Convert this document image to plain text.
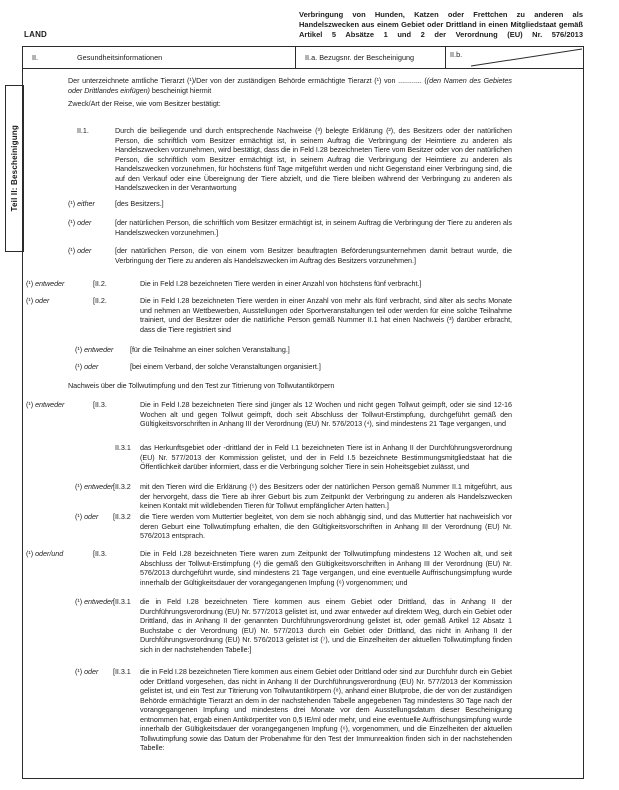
LAND
Verbringung von Hunden, Katzen oder Frettchen zu anderen als Handelszwecken aus einem Gebiet oder Drittland in einen Mitgliedstaat gemäß Artikel 5 Absätze 1 und 2 der Verordnung (EU) Nr. 576/2013
Teil II: Bescheinigung
II.	Gesundheitsinformationen	II.a. Bezugsnr. der Bescheinigung	II.b.
Der unterzeichnete amtliche Tierarzt (¹)/Der von der zuständigen Behörde ermächtigte Tierarzt (¹) von ............ ((den Namen des Gebietes oder Drittlandes einfügen) bescheinigt hiermit
Zweck/Art der Reise, wie vom Besitzer bestätigt:
II.1.	Durch die beiliegende und durch entsprechende Nachweise (³) belegte Erklärung (²), des Besitzers oder der natürlichen Person, die schriftlich vom Besitzer ermächtigt ist, in seinem Auftrag die Verbringung der Heimtiere zu anderen als Handelszwecken vorzunehmen, wird bestätigt, dass die in Feld I.28 bezeichneten Tiere vom Besitzer oder von der natürlichen Person, die schriftlich vom Besitzer ermächtigt ist, in seinem Auftrag die Verbringung der Heimtiere zu anderen als Handelszwecken vorzunehmen, für höchstens fünf Tage mitgeführt werden und nicht Gegenstand einer Verbringung sind, die auf den Verkauf oder eine Übereignung der Tiere abzielt, und die Tiere bleiben während der Verbringung zu anderen als Handelszwecken in der Verantwortung
(¹) either	[des Besitzers.]
(¹) oder	[der natürlichen Person, die schriftlich vom Besitzer ermächtigt ist, in seinem Auftrag die Verbringung der Tiere zu anderen als Handelszwecken vorzunehmen.]
(¹) oder	[der natürlichen Person, die von einem vom Besitzer beauftragten Beförderungsunternehmen damit betraut wurde, die Verbringung der Tiere zu anderen als Handelszwecken im Auftrag des Besitzers vorzunehmen.]
(¹) entweder	[II.2.	Die in Feld I.28 bezeichneten Tiere werden in einer Anzahl von höchstens fünf verbracht.]
(¹) oder	[II.2.	Die in Feld I.28 bezeichneten Tiere werden in einer Anzahl von mehr als fünf verbracht, sind älter als sechs Monate und nehmen an Wettbewerben, Ausstellungen oder Sportveranstaltungen teil oder werden für eine solche Teilnahme trainiert, und der Besitzer oder die natürliche Person gemäß Nummer II.1 hat einen Nachweis (³) darüber erbracht, dass die Tiere registriert sind
(¹) entweder [für die Teilnahme an einer solchen Veranstaltung.]
(¹) oder	[bei einem Verband, der solche Veranstaltungen organisiert.]
Nachweis über die Tollwutimpfung und den Test zur Titrierung von Tollwutantikörpern
(¹) entweder	[II.3.	Die in Feld I.28 bezeichneten Tiere sind jünger als 12 Wochen und nicht gegen Tollwut geimpft, oder sie sind 12-16 Wochen alt und gegen Tollwut geimpft, doch seit Abschluss der Tollwut-Erstimpfung, durchgeführt gemäß den Gültigkeitsvorschriften in Anhang III der Verordnung (EU) Nr. 576/2013 (⁴), sind mindestens 21 Tage vergangen, und
II.3.1 das Herkunftsgebiet oder -drittland der in Feld I.1 bezeichneten Tiere ist in Anhang II der Durchführungsverordnung (EU) Nr. 577/2013 der Kommission gelistet, und der in Feld I.5 bezeichnete Bestimmungsmitgliedstaat hat die Öffentlichkeit darüber informiert, dass er die Verbringung solcher Tiere in sein Hoheitsgebiet zulässt, und
(¹) entweder [II.3.2 mit den Tieren wird die Erklärung (⁵) des Besitzers oder der natürlichen Person gemäß Nummer II.1 mitgeführt, aus der hervorgeht, dass die Tiere ab ihrer Geburt bis zum Zeitpunkt der Verbringung zu anderen als Handelszwecken keinen Kontakt mit wildlebenden Tieren für Tollwut empfänglicher Arten hatten.]
(¹) oder [II.3.2 die Tiere werden vom Muttertier begleitet, von dem sie noch abhängig sind, und das Muttertier hat nachweislich vor deren Geburt eine Tollwutimpfung erhalten, die den Gültigkeitsvorschriften in Anhang III der Verordnung (EU) Nr. 576/2013 entsprach.
(¹) oder/und	[II.3.	Die in Feld I.28 bezeichneten Tiere waren zum Zeitpunkt der Tollwutimpfung mindestens 12 Wochen alt, und seit Abschluss der Tollwut-Erstimpfung (⁴) die gemäß den Gültigkeitsvorschriften in Anhang III der Verordnung (EU) Nr. 576/2013 durchgeführt wurde, sind mindestens 21 Tage vergangen, und eine eventuelle Auffrischungsimpfung wurde innerhalb der Gültigkeitsdauer der vorangegangenen Impfung (⁶) vorgenommen; und
(¹) entweder [II.3.1 die in Feld I.28 bezeichneten Tiere kommen aus einem Gebiet oder Drittland, das in Anhang II der Durchführungsverordnung (EU) Nr. 577/2013 gelistet ist, und zwar entweder auf direktem Weg, durch ein Gebiet oder Drittland, das in Anhang II der genannten Durchführungsverordnung gelistet ist, oder gemäß Artikel 12 Absatz 1 Buchstabe c der Verordnung (EU) Nr. 577/2013 durch ein Gebiet oder Drittland, das nicht in Anhang II der Durchführungsverordnung (EU) Nr. 576/2013 gelistet ist (⁷), und die Einzelheiten der aktuellen Tollwutimpfung finden sich in der nachstehenden Tabelle:]
(¹) oder [II.3.1 die in Feld I.28 bezeichneten Tiere kommen aus einem Gebiet oder Drittland oder sind zur Durchfuhr durch ein Gebiet oder Drittland vorgesehen, das nicht in Anhang II der Durchführungsverordnung (EU) Nr. 577/2013 der Kommission gelistet ist, und ein Test zur Titrierung von Tollwutantikörpern (⁸), anhand einer Blutprobe, die der von der zuständigen Behörde ermächtigte Tierarzt an dem in der nachstehenden Tabelle angegebenen Tag mindestens 30 Tage nach der vorangegangenen Impfung und mindestens drei Monate vor dem Ausstellungsdatum dieser Bescheinigung entnommen hat, ergab einen Antikörpertiter von 0,5 IE/ml oder mehr, und eine eventuelle Auffrischungsimpfung wurde innerhalb der Gültigkeitsdauer der vorangegangenen Impfung (⁶), vorgenommen, und die Einzelheiten der aktuellen Tollwutimpfung sowie das Datum der Probenahme für den Test der Immunreaktion finden sich in der nachstehenden Tabelle:
